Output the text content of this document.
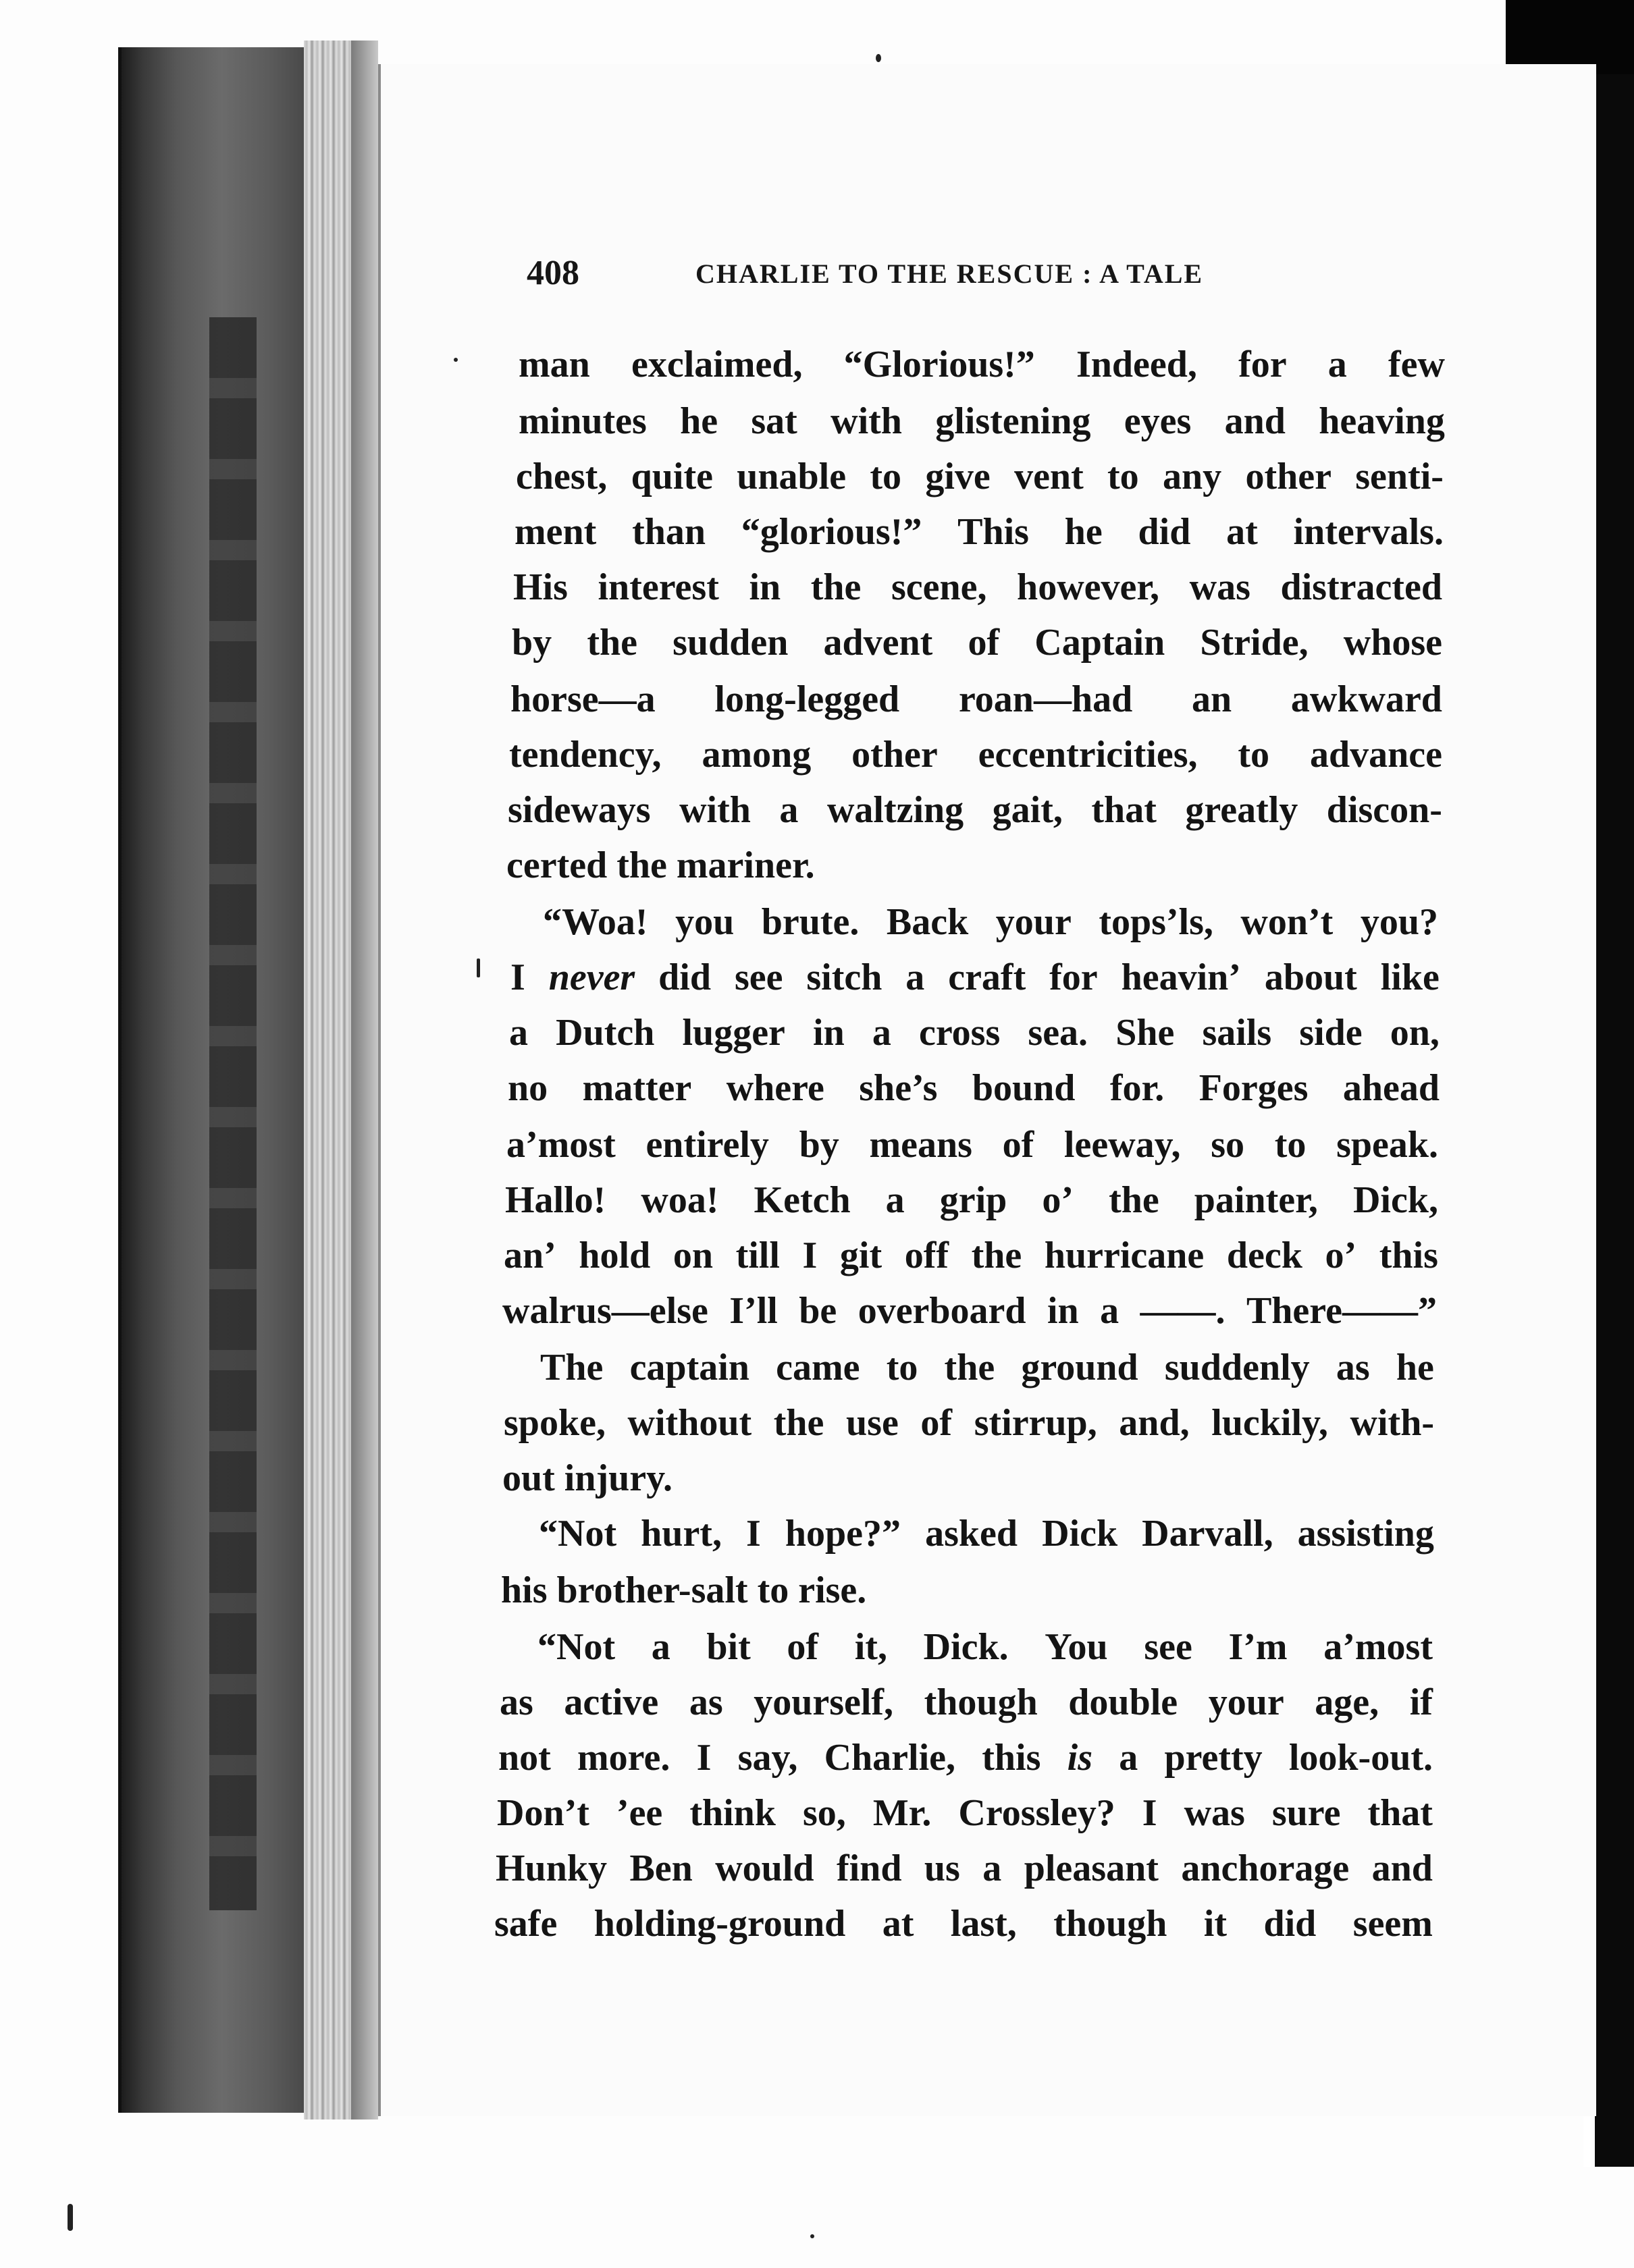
408	CHARLIE TO THE RESCUE : A TALE
man exclaimed, “Glorious!” Indeed, for a few
minutes he sat with glistening eyes and heaving
chest, quite unable to give vent to any other senti-
ment than “glorious!” This he did at intervals.
His interest in the scene, however, was distracted
by the sudden advent of Captain Stride, whose
horse—a long-legged roan—had an awkward
tendency, among other eccentricities, to advance
sideways with a waltzing gait, that greatly discon-
certed the mariner.
“Woa! you brute. Back your tops’ls, won’t you?
I never did see sitch a craft for heavin’ about like
a Dutch lugger in a cross sea. She sails side on,
no matter where she’s bound for. Forges ahead
a’most entirely by means of leeway, so to speak.
Hallo! woa! Ketch a grip o’ the painter, Dick,
an’ hold on till I git off the hurricane deck o’ this
walrus—else I’ll be overboard in a ——. There——”
The captain came to the ground suddenly as he
spoke, without the use of stirrup, and, luckily, with-
out injury.
“Not hurt, I hope?” asked Dick Darvall, assisting
his brother-salt to rise.
“Not a bit of it, Dick. You see I’m a’most
as active as yourself, though double your age, if
not more. I say, Charlie, this is a pretty look-out.
Don’t ’ee think so, Mr. Crossley? I was sure that
Hunky Ben would find us a pleasant anchorage and
safe holding-ground at last, though it did seem
